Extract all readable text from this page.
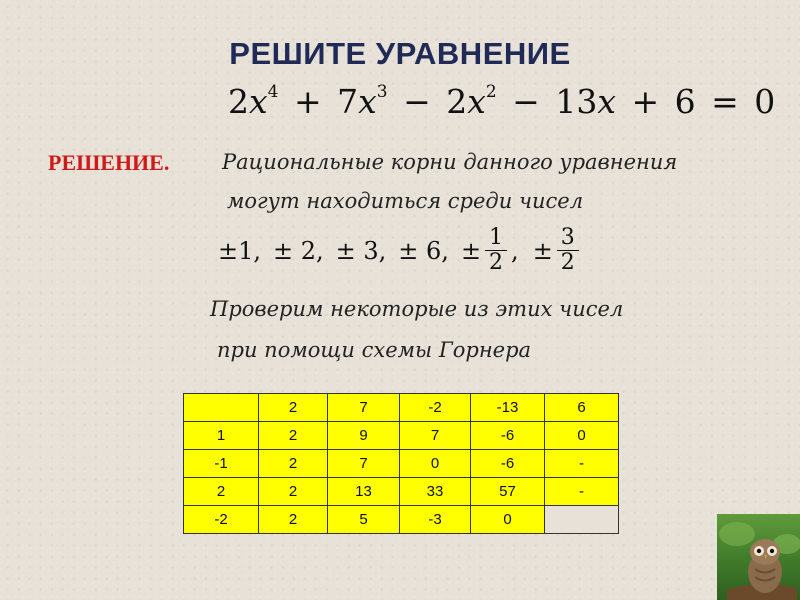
РЕШИТЕ УРАВНЕНИЕ
$2x^4 + 7x^3 - 2x^2 - 13x + 6 = 0$
РЕШЕНИЕ.	Рациональные корни данного уравнения
могут находиться среди чисел
±1, ± 2, ± 3, ± 6, ± $\frac{1}{2}$ , ± $\frac{3}{2}$
Проверим некоторые из этих чисел
при помощи схемы Горнера
	2	7	-2	-13	6
1	2	9	7	-6	0
-1	2	7	0	-6	-
2	2	13	33	57	-
-2	2	5	-3	0	
